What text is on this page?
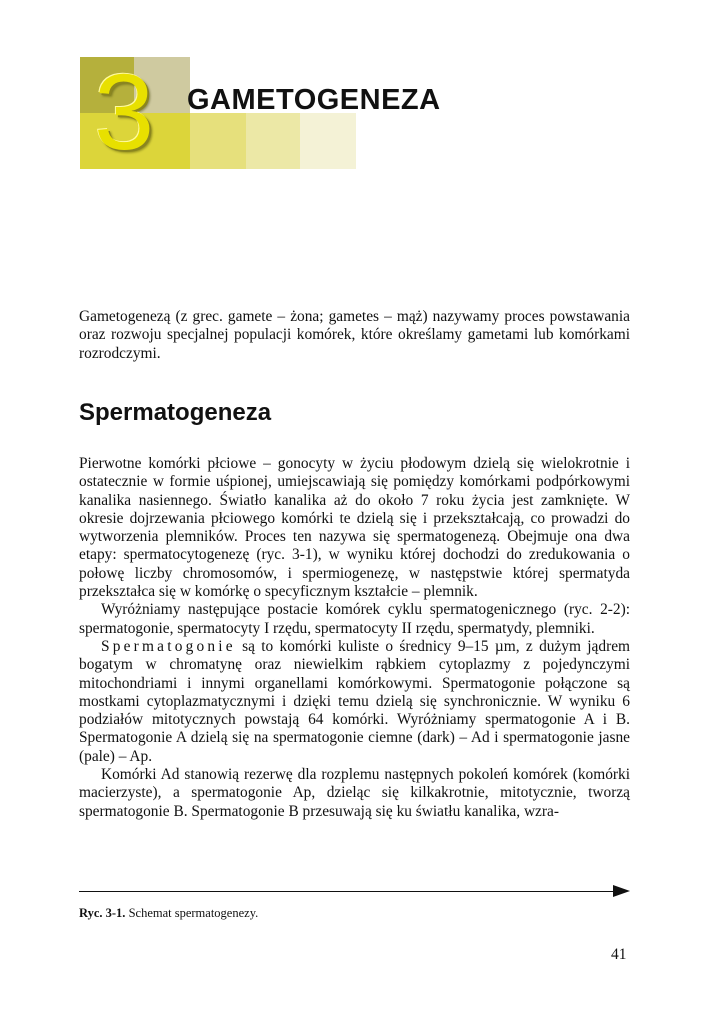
3	GAMETOGENEZA

Gametogenezą (z grec. gamete – żona; gametes – mąż) nazywamy proces powstawania oraz rozwoju specjalnej populacji komórek, które określamy gametami lub komórkami rozrodczymi.

Spermatogeneza

Pierwotne komórki płciowe – gonocyty w życiu płodowym dzielą się wielokrotnie i ostatecznie w formie uśpionej, umiejscawiają się pomiędzy komórkami podpórkowymi kanalika nasiennego. Światło kanalika aż do około 7 roku życia jest zamknięte. W okresie dojrzewania płciowego komórki te dzielą się i przekształcają, co prowadzi do wytworzenia plemników. Proces ten nazywa się spermatogenezą. Obejmuje ona dwa etapy: spermatocytogenezę (ryc. 3-1), w wyniku której dochodzi do zredukowania o połowę liczby chromosomów, i spermiogenezę, w następstwie której spermatyda przekształca się w komórkę o specyficznym kształcie – plemnik.

Wyróżniamy następujące postacie komórek cyklu spermatogenicznego (ryc. 2-2): spermatogonie, spermatocyty I rzędu, spermatocyty II rzędu, spermatydy, plemniki.

Spermatogonie są to komórki kuliste o średnicy 9–15 µm, z dużym jądrem bogatym w chromatynę oraz niewielkim rąbkiem cytoplazmy z pojedynczymi mitochondriami i innymi organellami komórkowymi. Spermatogonie połączone są mostkami cytoplazmatycznymi i dzięki temu dzielą się synchronicznie. W wyniku 6 podziałów mitotycznych powstają 64 komórki. Wyróżniamy spermatogonie A i B. Spermatogonie A dzielą się na spermatogonie ciemne (dark) – Ad i spermatogonie jasne (pale) – Ap.

Komórki Ad stanowią rezerwę dla rozplemu następnych pokoleń komórek (komórki macierzyste), a spermatogonie Ap, dzieląc się kilkakrotnie, mitotycznie, tworzą spermatogonie B. Spermatogonie B przesuwają się ku światłu kanalika, wzra-

Ryc. 3-1. Schemat spermatogenezy.
41
